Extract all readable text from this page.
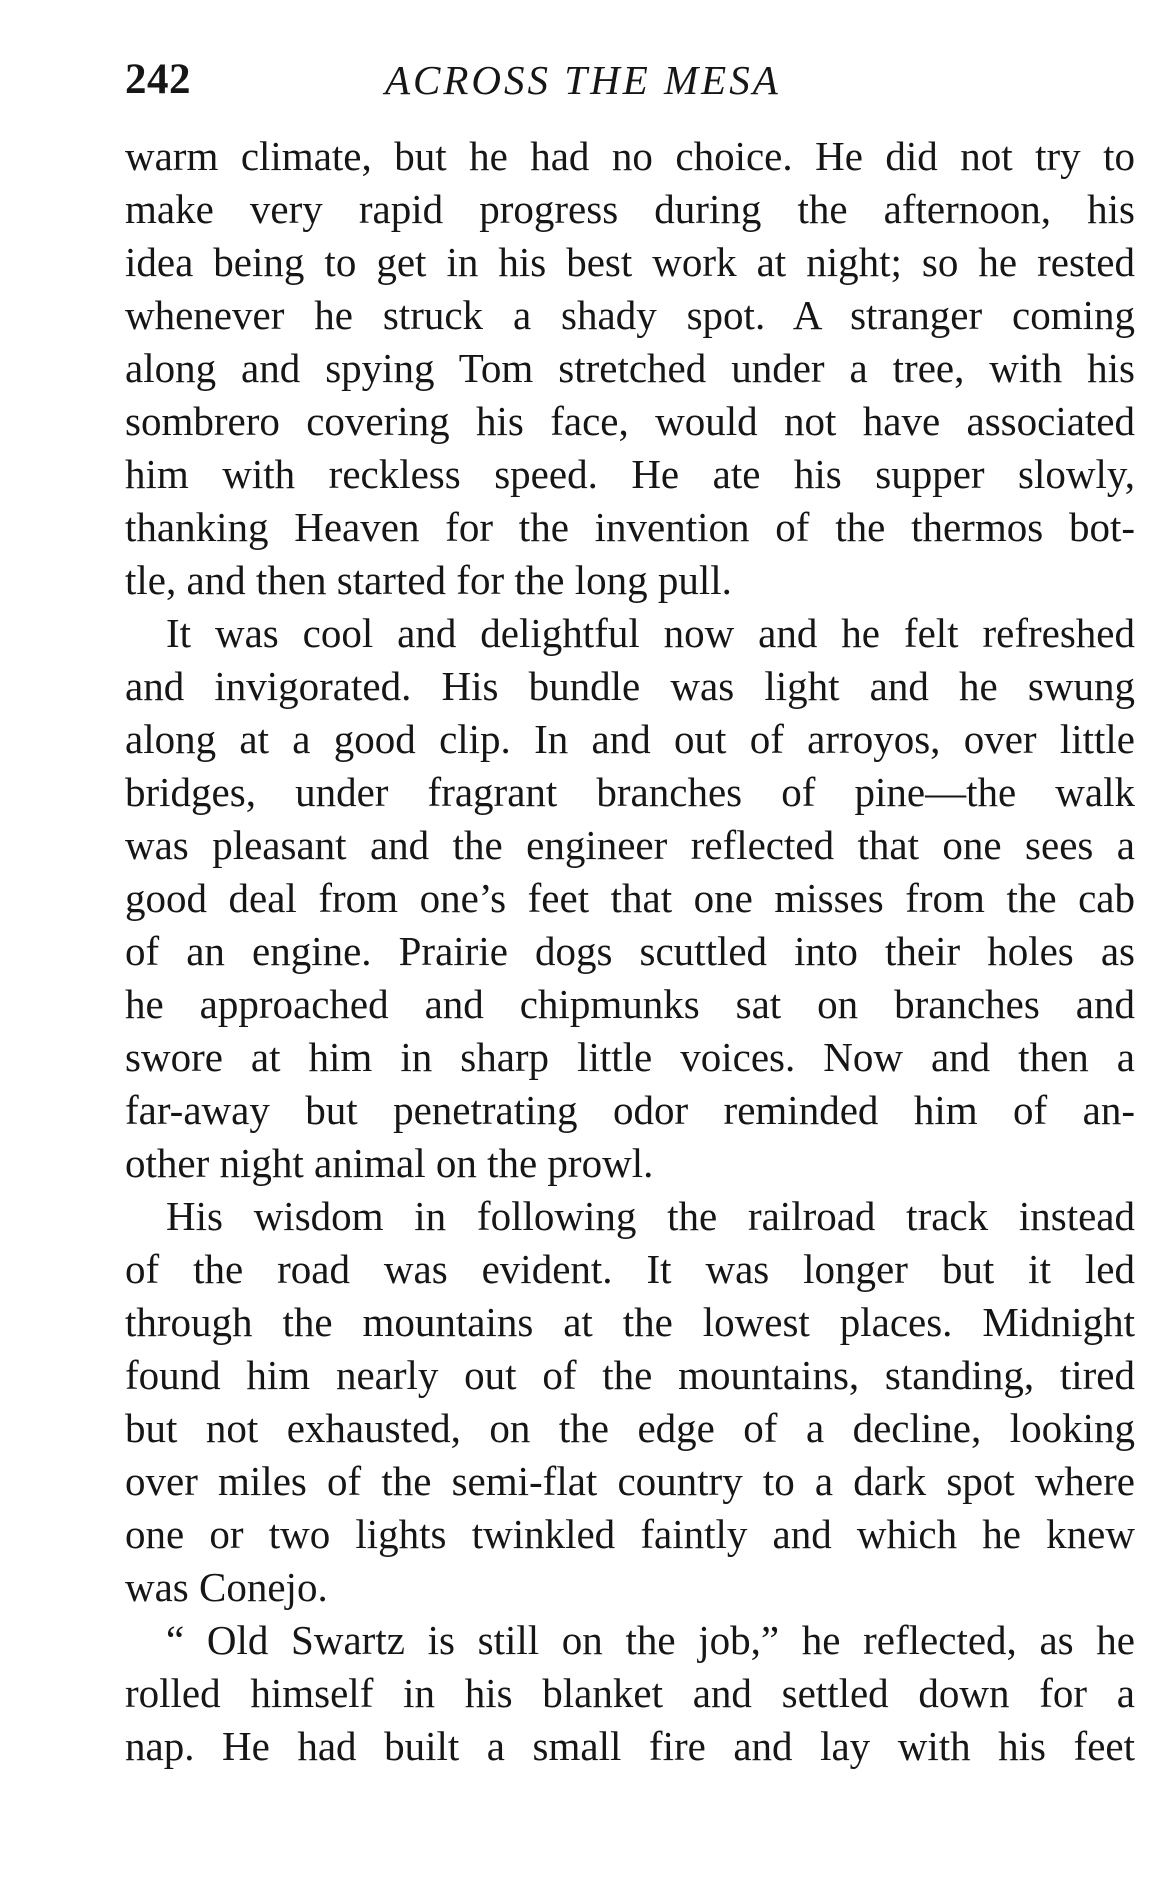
242	ACROSS THE MESA
warm climate, but he had no choice. He did not try to
make very rapid progress during the afternoon, his
idea being to get in his best work at night; so he rested
whenever he struck a shady spot. A stranger coming
along and spying Tom stretched under a tree, with his
sombrero covering his face, would not have associated
him with reckless speed. He ate his supper slowly,
thanking Heaven for the invention of the thermos bot-
tle, and then started for the long pull.
It was cool and delightful now and he felt refreshed
and invigorated. His bundle was light and he swung
along at a good clip. In and out of arroyos, over little
bridges, under fragrant branches of pine—the walk
was pleasant and the engineer reflected that one sees a
good deal from one’s feet that one misses from the cab
of an engine. Prairie dogs scuttled into their holes as
he approached and chipmunks sat on branches and
swore at him in sharp little voices. Now and then a
far-away but penetrating odor reminded him of an-
other night animal on the prowl.
His wisdom in following the railroad track instead
of the road was evident. It was longer but it led
through the mountains at the lowest places. Midnight
found him nearly out of the mountains, standing, tired
but not exhausted, on the edge of a decline, looking
over miles of the semi-flat country to a dark spot where
one or two lights twinkled faintly and which he knew
was Conejo.
“ Old Swartz is still on the job,” he reflected, as he
rolled himself in his blanket and settled down for a
nap. He had built a small fire and lay with his feet
